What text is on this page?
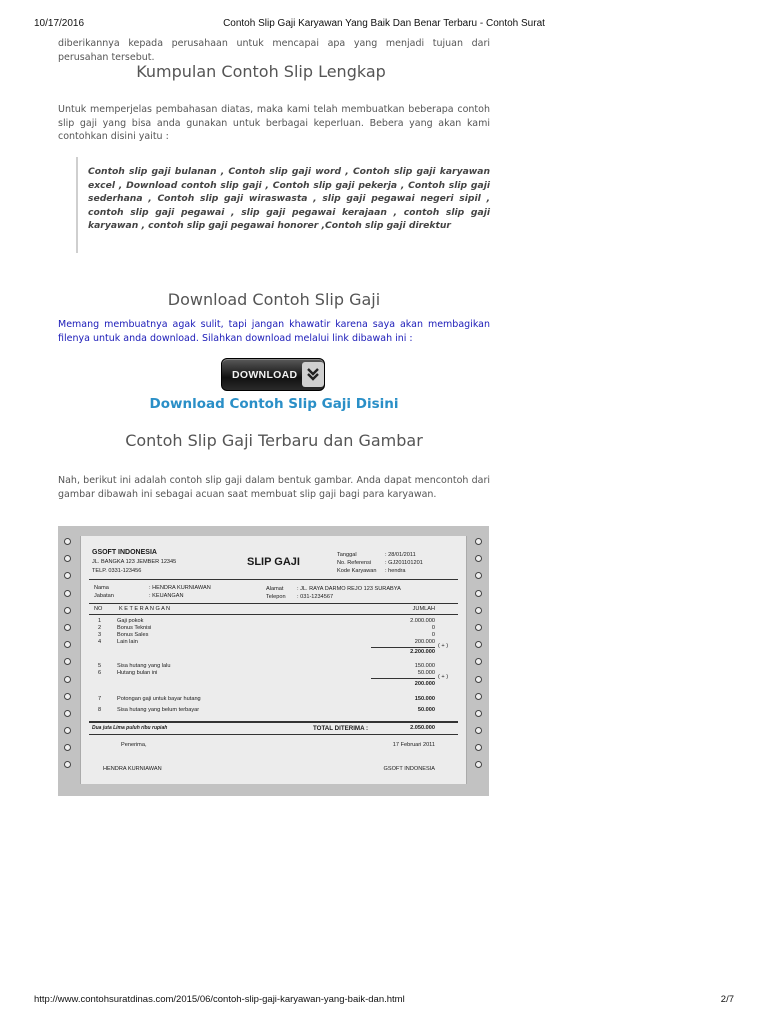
10/17/2016	Contoh Slip Gaji Karyawan Yang Baik Dan Benar Terbaru - Contoh Surat
diberikannya kepada perusahaan untuk mencapai apa yang menjadi tujuan dari perusahan tersebut.
Kumpulan Contoh Slip Lengkap
Untuk memperjelas pembahasan diatas, maka kami telah membuatkan beberapa contoh slip gaji yang bisa anda gunakan untuk berbagai keperluan. Bebera yang akan kami contohkan disini yaitu :

Contoh slip gaji bulanan , Contoh slip gaji word , Contoh slip gaji karyawan excel , Download contoh slip gaji , Contoh slip gaji pekerja , Contoh slip gaji sederhana , Contoh slip gaji wiraswasta , slip gaji pegawai negeri sipil , contoh slip gaji pegawai , slip gaji pegawai kerajaan , contoh slip gaji karyawan , contoh slip gaji pegawai honorer ,Contoh slip gaji direktur

Download Contoh Slip Gaji
Memang membuatnya agak sulit, tapi jangan khawatir karena saya akan membagikan filenya untuk anda download. Silahkan download melalui link dibawah ini :
DOWNLOAD
Download Contoh Slip Gaji Disini
Contoh Slip Gaji Terbaru dan Gambar
Nah, berikut ini adalah contoh slip gaji dalam bentuk gambar. Anda dapat mencontoh dari gambar dibawah ini sebagai acuan saat membuat slip gaji bagi para karyawan.
GSOFT INDONESIA
JL. BANGKA 123 JEMBER 12345
TELP. 0331-123456
SLIP GAJI
Tanggal	: 28/01/2011
No. Referensi : GJ201101201
Kode Karyawan : hendra
Nama	: HENDRA KURNIAWAN
Jabatan	: KEUANGAN
Alamat : JL. RAYA DARMO REJO 123 SURABYA
Telepon : 031-1234567
NO	K E T E R A N G A N	JUMLAH
1	Gaji pokok	2.000.000
2	Bonus Teknisi	0
3	Bonus Sales	0
4	Lain lain	200.000
( + )
2.200.000
5	Sisa hutang yang lalu	150.000
6	Hutang bulan ini	50.000
( + )
200.000
7	Potongan gaji untuk bayar hutang	150.000
8	Sisa hutang yang belum terbayar	50.000
Dua juta Lima puluh ribu rupiah	TOTAL DITERIMA :	2.050.000
Penerima,	17 Februari 2011
HENDRA KURNIAWAN	GSOFT INDONESIA
http://www.contohsuratdinas.com/2015/06/contoh-slip-gaji-karyawan-yang-baik-dan.html	2/7
